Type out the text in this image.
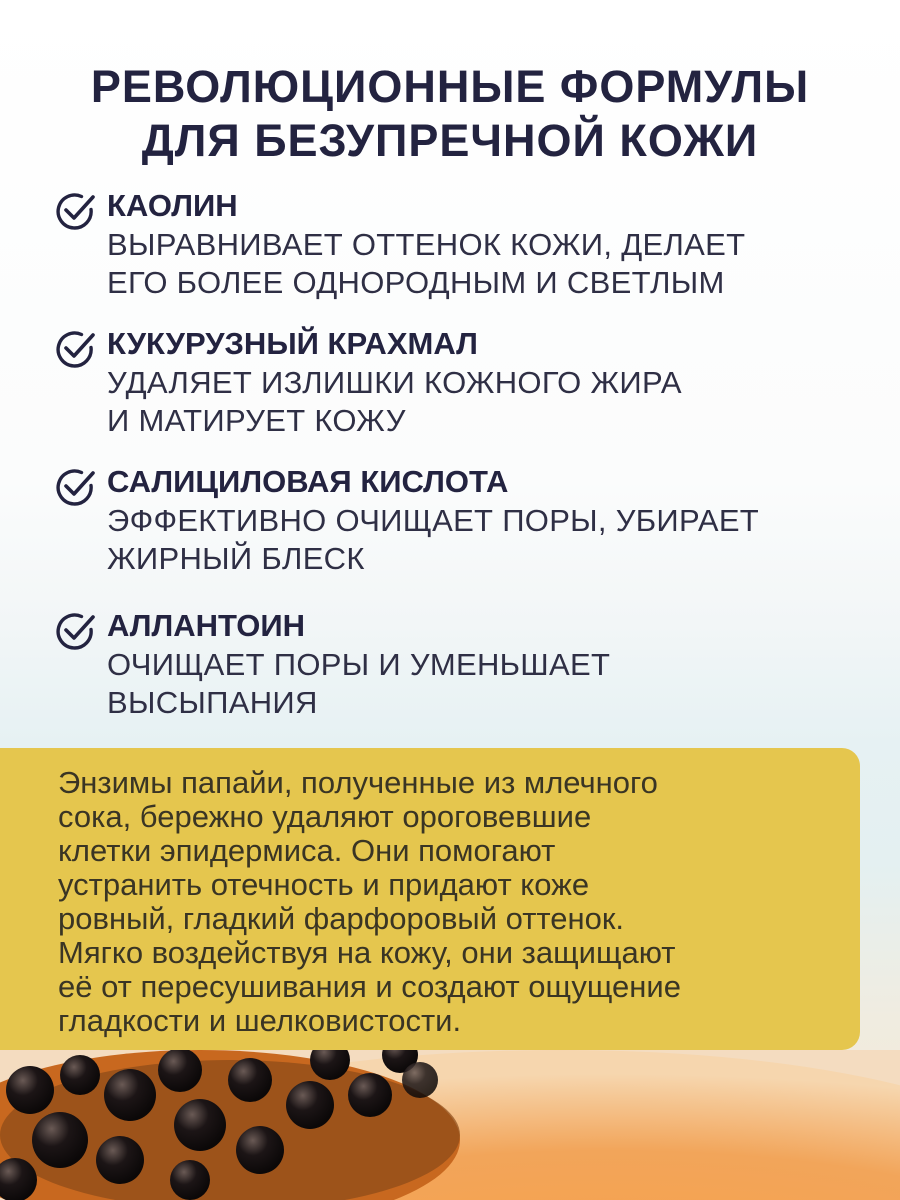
РЕВОЛЮЦИОННЫЕ ФОРМУЛЫ
ДЛЯ БЕЗУПРЕЧНОЙ КОЖИ

КАОЛИН

ВЫРАВНИВАЕТ ОТТЕНОК КОЖИ, ДЕЛАЕТ

ЕГО БОЛЕЕ ОДНОРОДНЫМ И СВЕТЛЫМ

КУКУРУЗНЫЙ КРАХМАЛ

УДАЛЯЕТ ИЗЛИШКИ КОЖНОГО ЖИРА

И МАТИРУЕТ КОЖУ

САЛИЦИЛОВАЯ КИСЛОТА

ЭФФЕКТИВНО ОЧИЩАЕТ ПОРЫ, УБИРАЕТ

ЖИРНЫЙ БЛЕСК

АЛЛАНТОИН

ОЧИЩАЕТ ПОРЫ И УМЕНЬШАЕТ

ВЫСЫПАНИЯ

Энзимы папайи, полученные из млечного
сока, бережно удаляют ороговевшие
клетки эпидермиса. Они помогают
устранить отечность и придают коже
ровный, гладкий фарфоровый оттенок.
Мягко воздействуя на кожу, они защищают
её от пересушивания и создают ощущение
гладкости и шелковистости.
